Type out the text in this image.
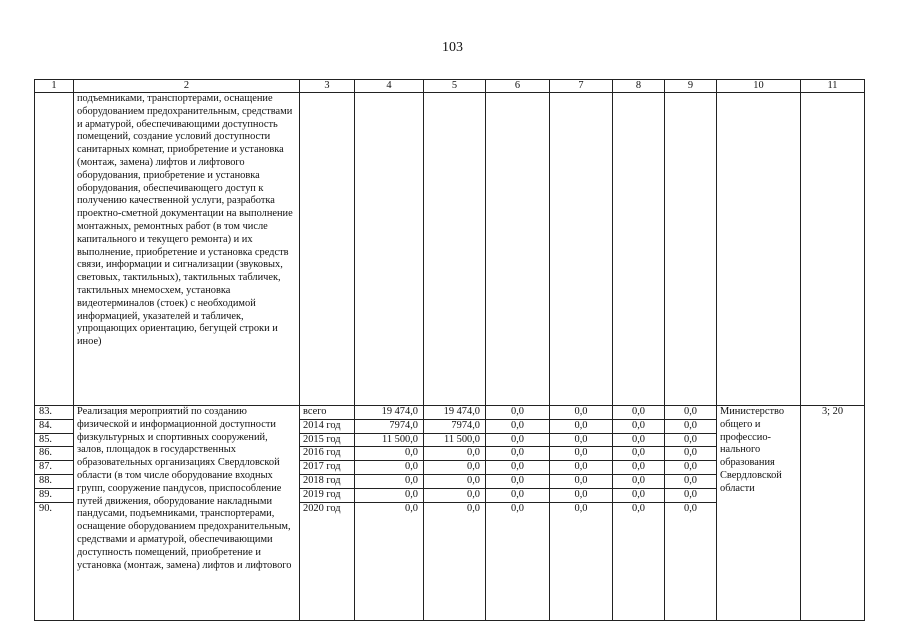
103
1	2	3	4	5	6	7	8	9	10	11
	подъемниками, транспортерами, оснащение оборудованием предохранительным, средствами и арматурой, обеспечивающими доступность помещений, создание условий доступности санитарных комнат, приобретение и установка (монтаж, замена) лифтов и лифтового оборудования, приобретение и установка оборудования, обеспечивающего доступ к получению качественной услуги, разработка проектно-сметной документации на выполнение монтажных, ремонтных работ (в том числе капитального и текущего ремонта) и их выполнение, приобретение и установка средств связи, информации и сигнализации (звуковых, световых, тактильных), тактильных табличек, тактильных мнемосхем, установка видеотерминалов (стоек) с необходимой информацией, указателей и табличек, упрощающих ориентацию, бегущей строки и иное)									
83.	Реализация мероприятий по созданию физической и информационной доступности физкультурных и спортивных сооружений, залов, площадок в государственных образовательных организациях Свердловской области (в том числе оборудование входных групп, сооружение пандусов, приспособление путей движения, оборудование накладными пандусами, подъемниками, транспортерами, оснащение оборудованием предохранительным, средствами и арматурой, обеспечивающими доступность помещений, приобретение и установка (монтаж, замена) лифтов и лифтового	всего	19 474,0	19 474,0	0,0	0,0	0,0	0,0	Министерство общего и профессио-нального образования Свердловской области	3; 20
84.		2014 год	7974,0	7974,0	0,0	0,0	0,0	0,0		
85.		2015 год	11 500,0	11 500,0	0,0	0,0	0,0	0,0		
86.		2016 год	0,0	0,0	0,0	0,0	0,0	0,0		
87.		2017 год	0,0	0,0	0,0	0,0	0,0	0,0		
88.		2018 год	0,0	0,0	0,0	0,0	0,0	0,0		
89.		2019 год	0,0	0,0	0,0	0,0	0,0	0,0		
90.		2020 год	0,0	0,0	0,0	0,0	0,0	0,0		
